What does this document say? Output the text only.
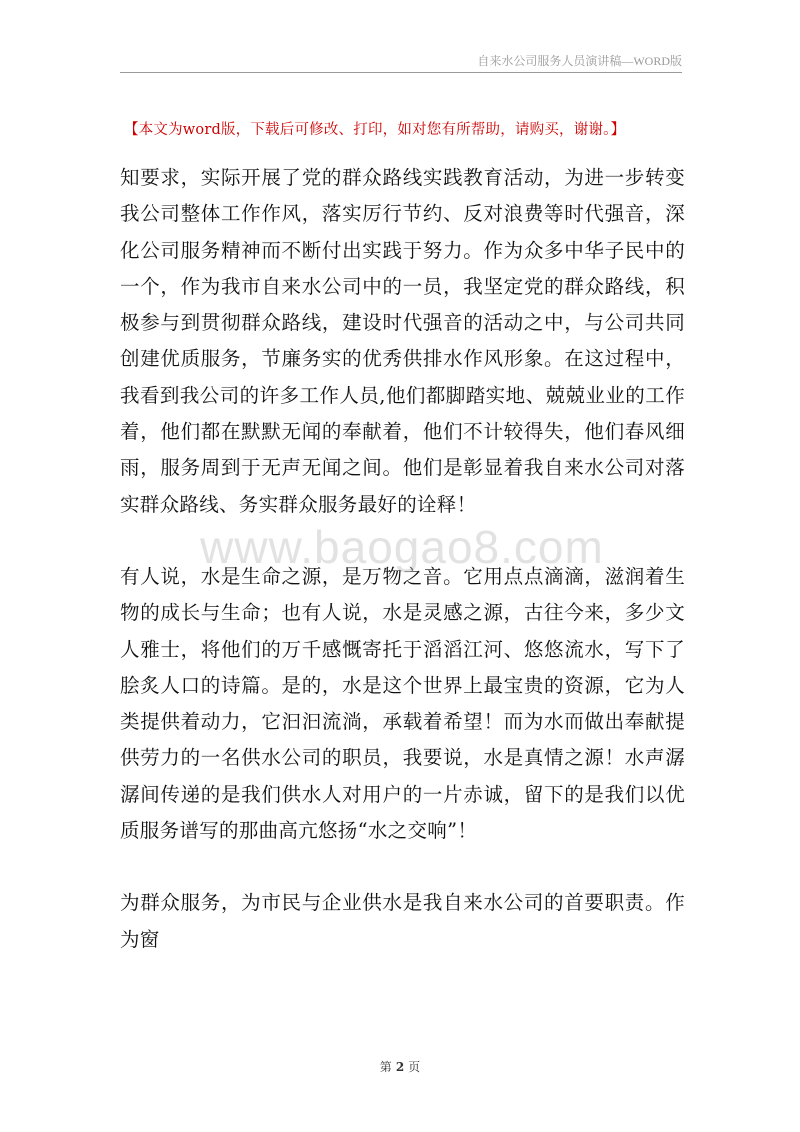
自来水公司服务人员演讲稿—WORD版
【本文为word版，下载后可修改、打印，如对您有所帮助，请购买，谢谢。】

知要求，实际开展了党的群众路线实践教育活动，为进一步转变我公司整体工作作风，落实厉行节约、反对浪费等时代强音，深化公司服务精神而不断付出实践于努力。作为众多中华子民中的一个，作为我市自来水公司中的一员，我坚定党的群众路线，积极参与到贯彻群众路线，建设时代强音的活动之中，与公司共同创建优质服务，节廉务实的优秀供排水作风形象。在这过程中，我看到我公司的许多工作人员,他们都脚踏实地、兢兢业业的工作着，他们都在默默无闻的奉献着，他们不计较得失，他们春风细雨，服务周到于无声无闻之间。他们是彰显着我自来水公司对落实群众路线、务实群众服务最好的诠释！

有人说，水是生命之源，是万物之音。它用点点滴滴，滋润着生物的成长与生命；也有人说，水是灵感之源，古往今来，多少文人雅士，将他们的万千感慨寄托于滔滔江河、悠悠流水，写下了脍炙人口的诗篇。是的，水是这个世界上最宝贵的资源，它为人类提供着动力，它汩汩流淌，承载着希望！而为水而做出奉献提供劳力的一名供水公司的职员，我要说，水是真情之源！水声潺潺间传递的是我们供水人对用户的一片赤诚，留下的是我们以优质服务谱写的那曲高亢悠扬“水之交响”！

为群众服务，为市民与企业供水是我自来水公司的首要职责。作为窗

www.baogao8.com
第 2 页
